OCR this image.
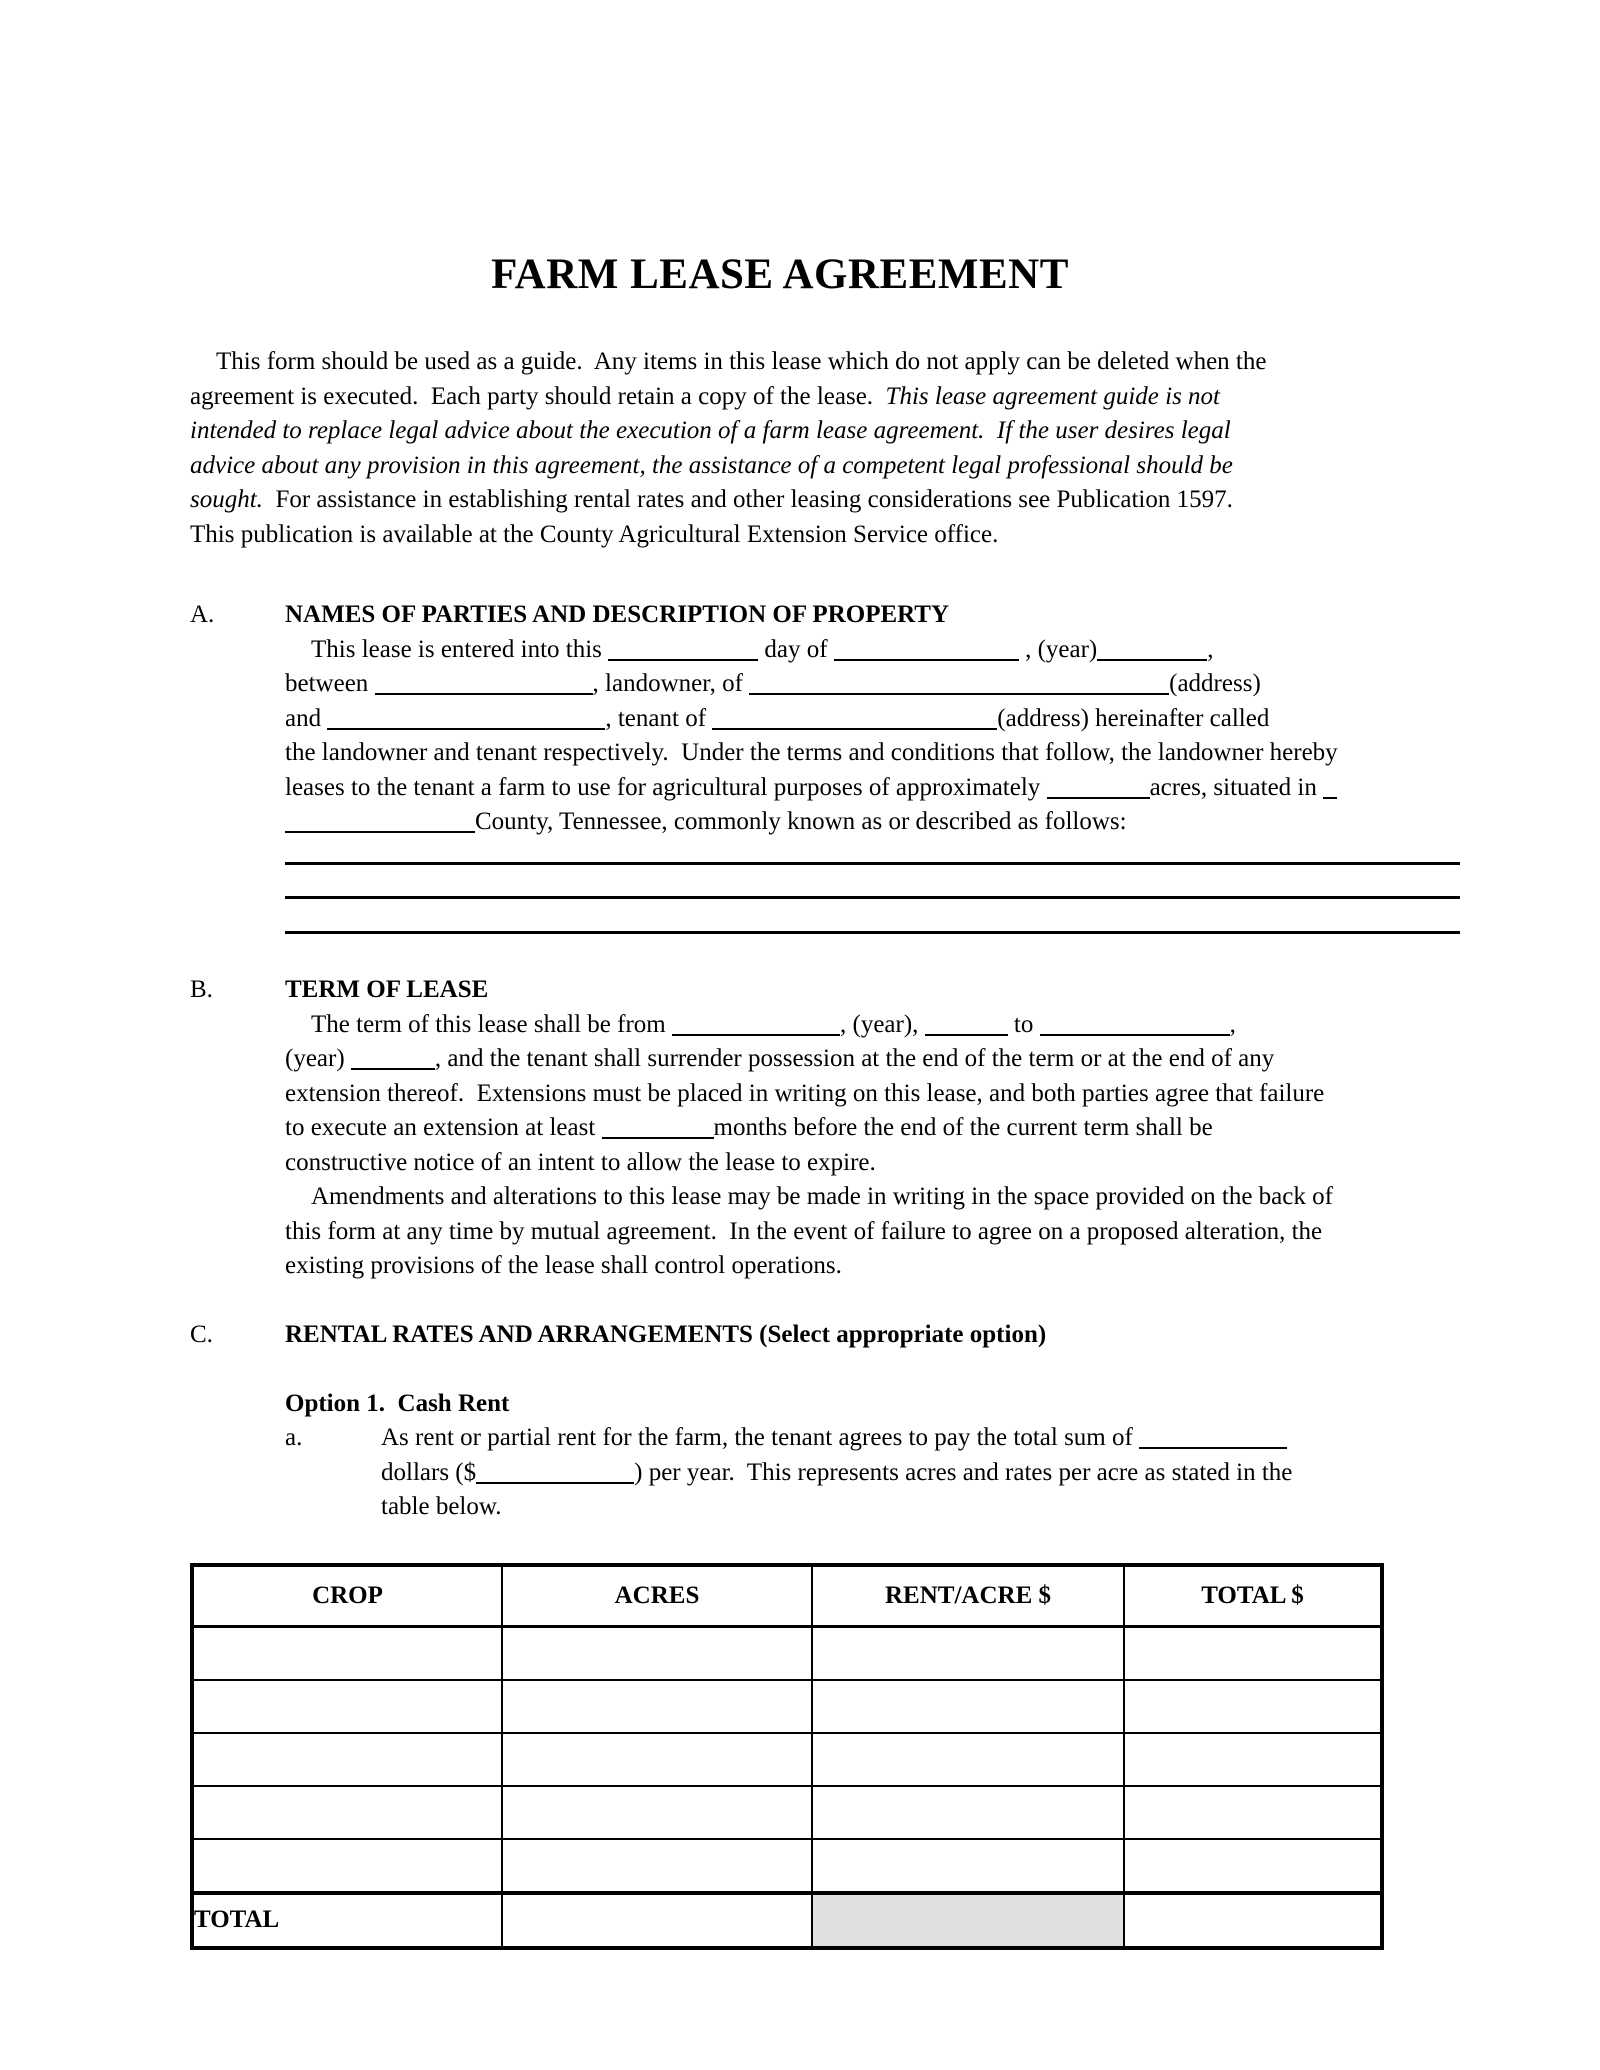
FARM LEASE AGREEMENT
This form should be used as a guide.  Any items in this lease which do not apply can be deleted when the
agreement is executed.  Each party should retain a copy of the lease.  This lease agreement guide is not
intended to replace legal advice about the execution of a farm lease agreement.  If the user desires legal
advice about any provision in this agreement, the assistance of a competent legal professional should be
sought.  For assistance in establishing rental rates and other leasing considerations see Publication 1597.
This publication is available at the County Agricultural Extension Service office.
A.	NAMES OF PARTIES AND DESCRIPTION OF PROPERTY
This lease is entered into this	day of	, (year)	,
between	, landowner, of	(address)
and	, tenant of	(address) hereinafter called
the landowner and tenant respectively.  Under the terms and conditions that follow, the landowner hereby
leases to the tenant a farm to use for agricultural purposes of approximately	acres, situated in
County, Tennessee, commonly known as or described as follows:
B.	TERM OF LEASE
The term of this lease shall be from	, (year),	to	,
(year)	, and the tenant shall surrender possession at the end of the term or at the end of any
extension thereof.  Extensions must be placed in writing on this lease, and both parties agree that failure
to execute an extension at least	months before the end of the current term shall be
constructive notice of an intent to allow the lease to expire.
Amendments and alterations to this lease may be made in writing in the space provided on the back of
this form at any time by mutual agreement.  In the event of failure to agree on a proposed alteration, the
existing provisions of the lease shall control operations.
C.	RENTAL RATES AND ARRANGEMENTS (Select appropriate option)
Option 1.  Cash Rent
a.	As rent or partial rent for the farm, the tenant agrees to pay the total sum of
dollars ($	) per year.  This represents acres and rates per acre as stated in the
table below.
CROP	ACRES	RENT/ACRE $	TOTAL $

TOTAL			
